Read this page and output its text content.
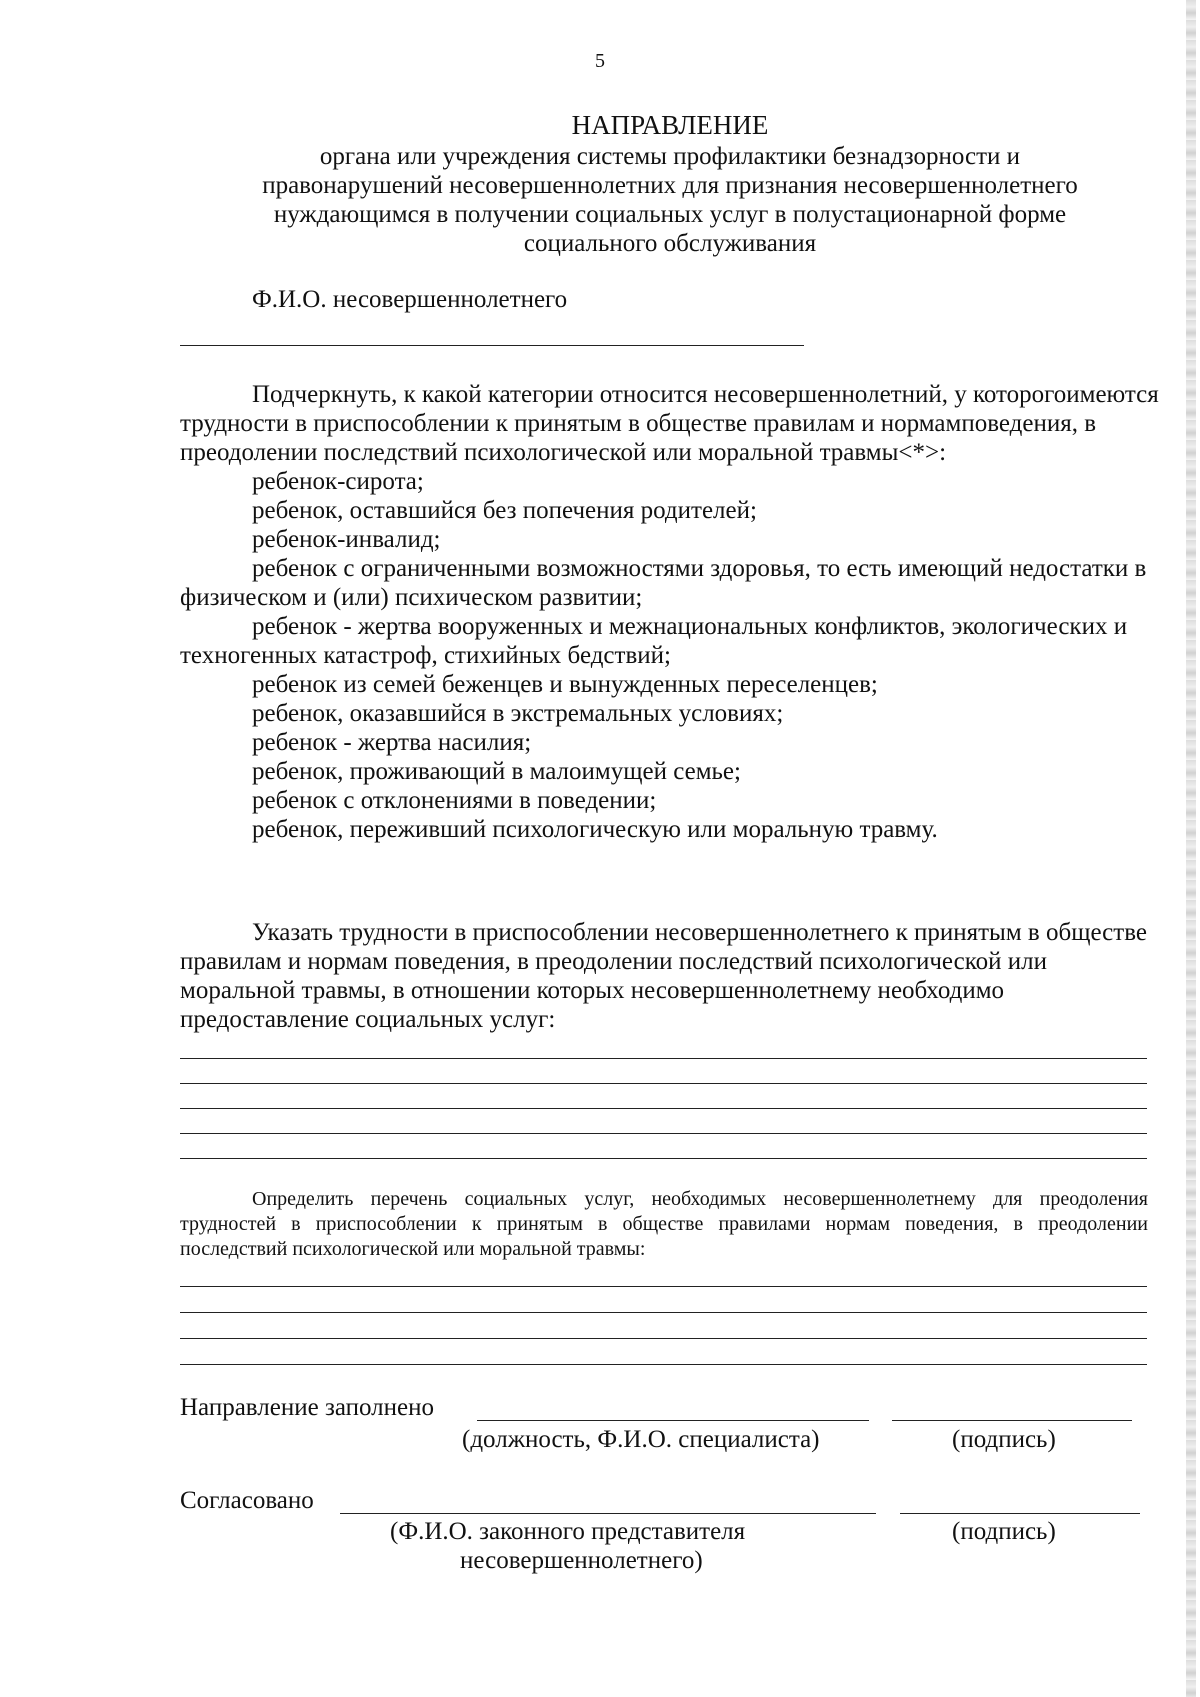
5
НАПРАВЛЕНИЕ
органа или учреждения системы профилактики безнадзорности и
правонарушений несовершеннолетних для признания несовершеннолетнего
нуждающимся в получении социальных услуг в полустационарной форме
социального обслуживания
Ф.И.О. несовершеннолетнего
Подчеркнуть, к какой категории относится несовершеннолетний, у которогоимеются трудности в приспособлении к принятым в обществе правилам и нормамповедения, в преодолении последствий психологической или моральной травмы<*>:
ребенок-сирота;
ребенок, оставшийся без попечения родителей;
ребенок-инвалид;
ребенок с ограниченными возможностями здоровья, то есть имеющий недостатки в физическом и (или) психическом развитии;
ребенок - жертва вооруженных и межнациональных конфликтов, экологических и техногенных катастроф, стихийных бедствий;
ребенок из семей беженцев и вынужденных переселенцев;
ребенок, оказавшийся в экстремальных условиях;
ребенок - жертва насилия;
ребенок, проживающий в малоимущей семье;
ребенок с отклонениями в поведении;
ребенок, переживший психологическую или моральную травму.
Указать трудности в приспособлении несовершеннолетнего к принятым в обществе правилам и нормам поведения, в преодолении последствий психологической или моральной травмы, в отношении которых несовершеннолетнему необходимо предоставление социальных услуг:
Определить перечень социальных услуг, необходимых несовершеннолетнему для преодоления трудностей в приспособлении к принятым в обществе правилами нормам поведения, в преодолении последствий психологической или моральной травмы:
Направление заполнено
(должность, Ф.И.О. специалиста)	(подпись)
Согласовано
(Ф.И.О. законного представителя
несовершеннолетнего)
(подпись)
